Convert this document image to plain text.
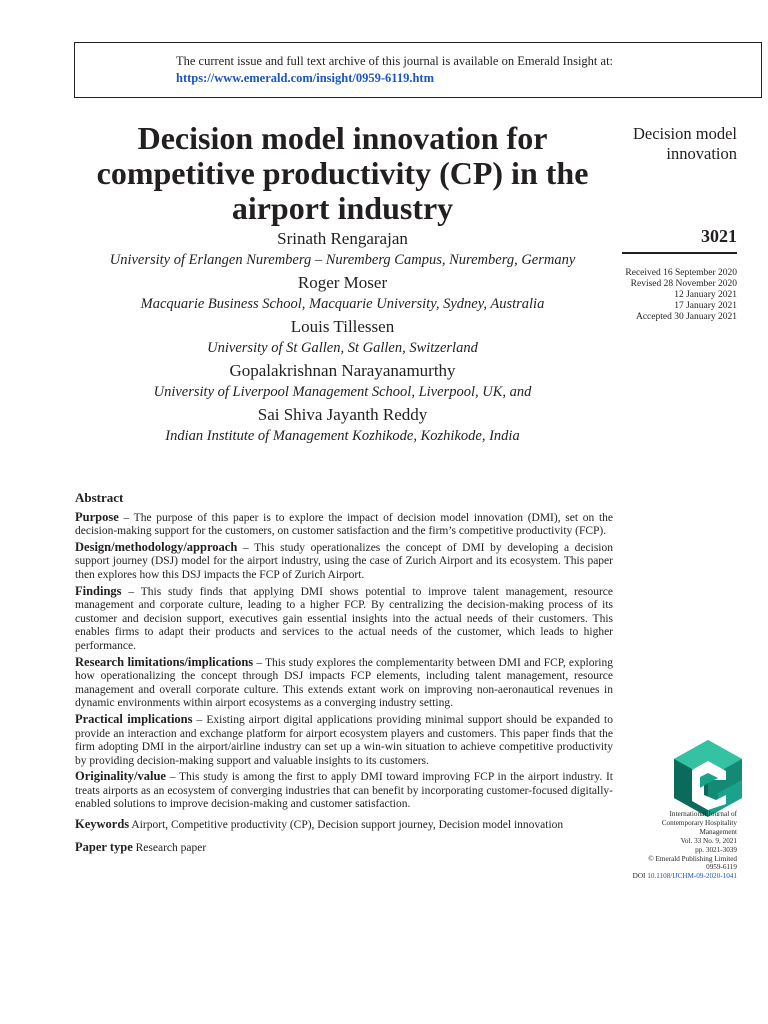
The current issue and full text archive of this journal is available on Emerald Insight at:
https://www.emerald.com/insight/0959-6119.htm
Decision model innovation for competitive productivity (CP) in the airport industry
Decision model innovation
3021
Received 16 September 2020
Revised 28 November 2020
12 January 2021
17 January 2021
Accepted 30 January 2021
Srinath Rengarajan
University of Erlangen Nuremberg – Nuremberg Campus, Nuremberg, Germany
Roger Moser
Macquarie Business School, Macquarie University, Sydney, Australia
Louis Tillessen
University of St Gallen, St Gallen, Switzerland
Gopalakrishnan Narayanamurthy
University of Liverpool Management School, Liverpool, UK, and
Sai Shiva Jayanth Reddy
Indian Institute of Management Kozhikode, Kozhikode, India
Abstract

Purpose – The purpose of this paper is to explore the impact of decision model innovation (DMI), set on the decision-making support for the customers, on customer satisfaction and the firm’s competitive productivity (FCP).

Design/methodology/approach – This study operationalizes the concept of DMI by developing a decision support journey (DSJ) model for the airport industry, using the case of Zurich Airport and its ecosystem. This paper then explores how this DSJ impacts the FCP of Zurich Airport.

Findings – This study finds that applying DMI shows potential to improve talent management, resource management and corporate culture, leading to a higher FCP. By centralizing the decision-making process of its customer and decision support, executives gain essential insights into the actual needs of their customers. This enables firms to adapt their products and services to the actual needs of the customer, which leads to higher performance.

Research limitations/implications – This study explores the complementarity between DMI and FCP, exploring how operationalizing the concept through DSJ impacts FCP elements, including talent management, resource management and overall corporate culture. This extends extant work on improving non-aeronautical revenues in dynamic environments within airport ecosystems as a converging industry setting.

Practical implications – Existing airport digital applications providing minimal support should be expanded to provide an interaction and exchange platform for airport ecosystem players and customers. This paper finds that the firm adopting DMI in the airport/airline industry can set up a win-win situation to achieve competitive productivity by providing decision-making support and valuable insights to its customers.

Originality/value – This study is among the first to apply DMI toward improving FCP in the airport industry. It treats airports as an ecosystem of converging industries that can benefit by incorporating customer-focused digitally-enabled solutions to improve decision-making and customer satisfaction.

Keywords Airport, Competitive productivity (CP), Decision support journey, Decision model innovation
Paper type Research paper
International Journal of
Contemporary Hospitality
Management
Vol. 33 No. 9, 2021
pp. 3021-3039
© Emerald Publishing Limited
0959-6119
DOI 10.1108/IJCHM-09-2020-1041
